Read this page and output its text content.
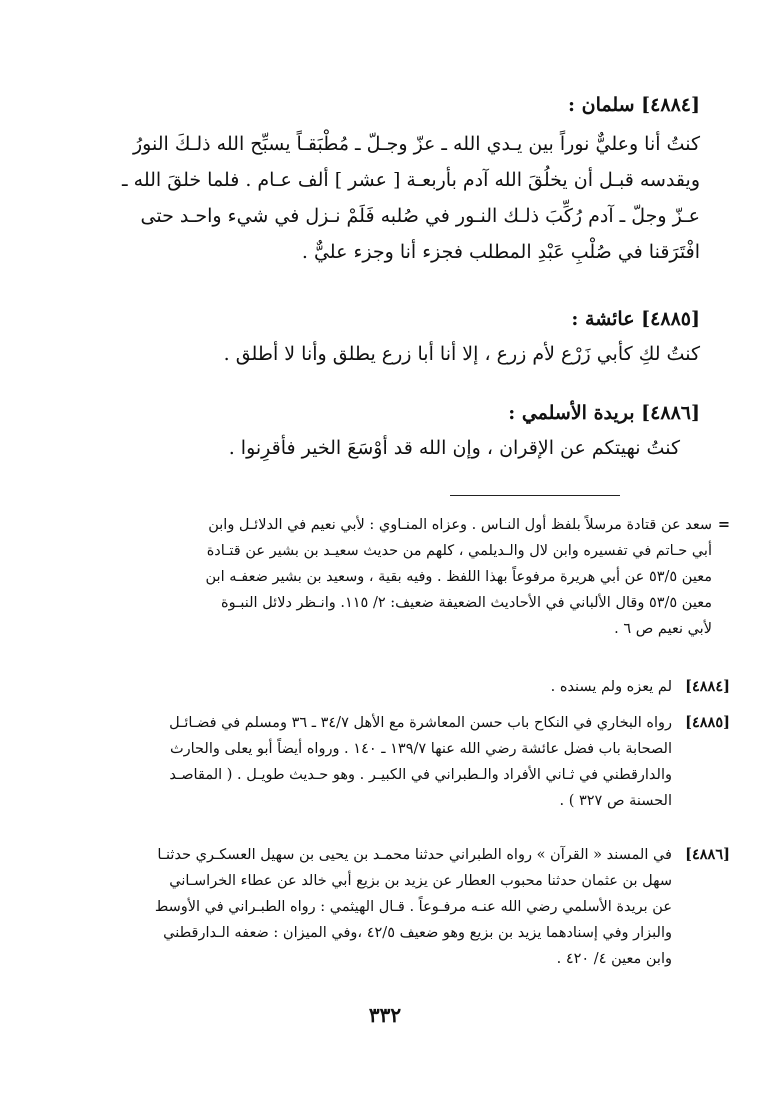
[٤٨٨٤] سلمان :
كنتُ أنا وعليٌّ نوراً بين يـدي الله ـ عزّ وجـلّ ـ مُطْبَقـاً يسبِّح الله ذلـكَ النورُ
ويقدسه قبـل أن يخلُقَ الله آدم بأربعـة [ عشر ] ألف عـام . فلما خلقَ الله ـ
عـزّ وجلّ ـ آدم رُكِّبَ ذلـك النـور في صُلبه فَلَمْ نـزل في شيء واحـد حتى
افْتَرَقنا في صُلْبِ عَبْدِ المطلب فجزء أنا وجزء عليٌّ .
[٤٨٨٥] عائشة :
كنتُ لكِ كأبي زَرْع لأم زرع ، إلا أنا أبا زرع يطلق وأنا لا أطلق .
[٤٨٨٦] بريدة الأسلمي :
كنتُ نهيتكم عن الإقران ، وإن الله قد أوْسَعَ الخير فأقرِنوا .
=
سعد عن قتادة مرسلاً بلفظ أول النـاس . وعزاه المنـاوي : لأبي نعيم في الدلائـل وابن
أبي حـاتم في تفسيره وابن لال والـديلمي ، كلهم من حديث سعيـد بن بشير عن قتـادة
معين ٥٣/٥ عن أبي هريرة مرفوعاً بهذا اللفظ . وفيه بقية ، وسعيد بن بشير ضعفـه ابن
معين ٥٣/٥ وقال الألباني في الأحاديث الضعيفة ضعيف: ٢/ ١١٥. وانـظر دلائل النبـوة
لأبي نعيم ص ٦ .
[٤٨٨٤]
لم يعزه ولم يسنده .
[٤٨٨٥]
رواه البخاري في النكاح باب حسن المعاشرة مع الأهل ٣٤/٧ ـ ٣٦ ومسلم في فضـائـل
الصحابة باب فضل عائشة رضي الله عنها ١٣٩/٧ ـ ١٤٠ . ورواه أيضاً أبو يعلى والحارث
والدارقطني في ثـاني الأفراد والـطبراني في الكبيـر . وهو حـديث طويـل . ( المقاصـد
الحسنة ص ٣٢٧ ) .
[٤٨٨٦]
في المسند « القرآن » رواه الطبراني حدثنا محمـد بن يحيى بن سهيل العسكـري حدثنـا
سهل بن عثمان حدثنا محبوب العطار عن يزيد بن بزيع أبي خالد عن عطاء الخراسـاني
عن بريدة الأسلمي رضي الله عنـه مرفـوعاً . قـال الهيثمي : رواه الطبـراني في الأوسط
والبزار وفي إسنادهما يزيد بن بزيع وهو ضعيف ٤٢/٥ ،وفي الميزان : ضعفه الـدارقطني
وابن معين ٤/ ٤٢٠ .
٣٣٢
